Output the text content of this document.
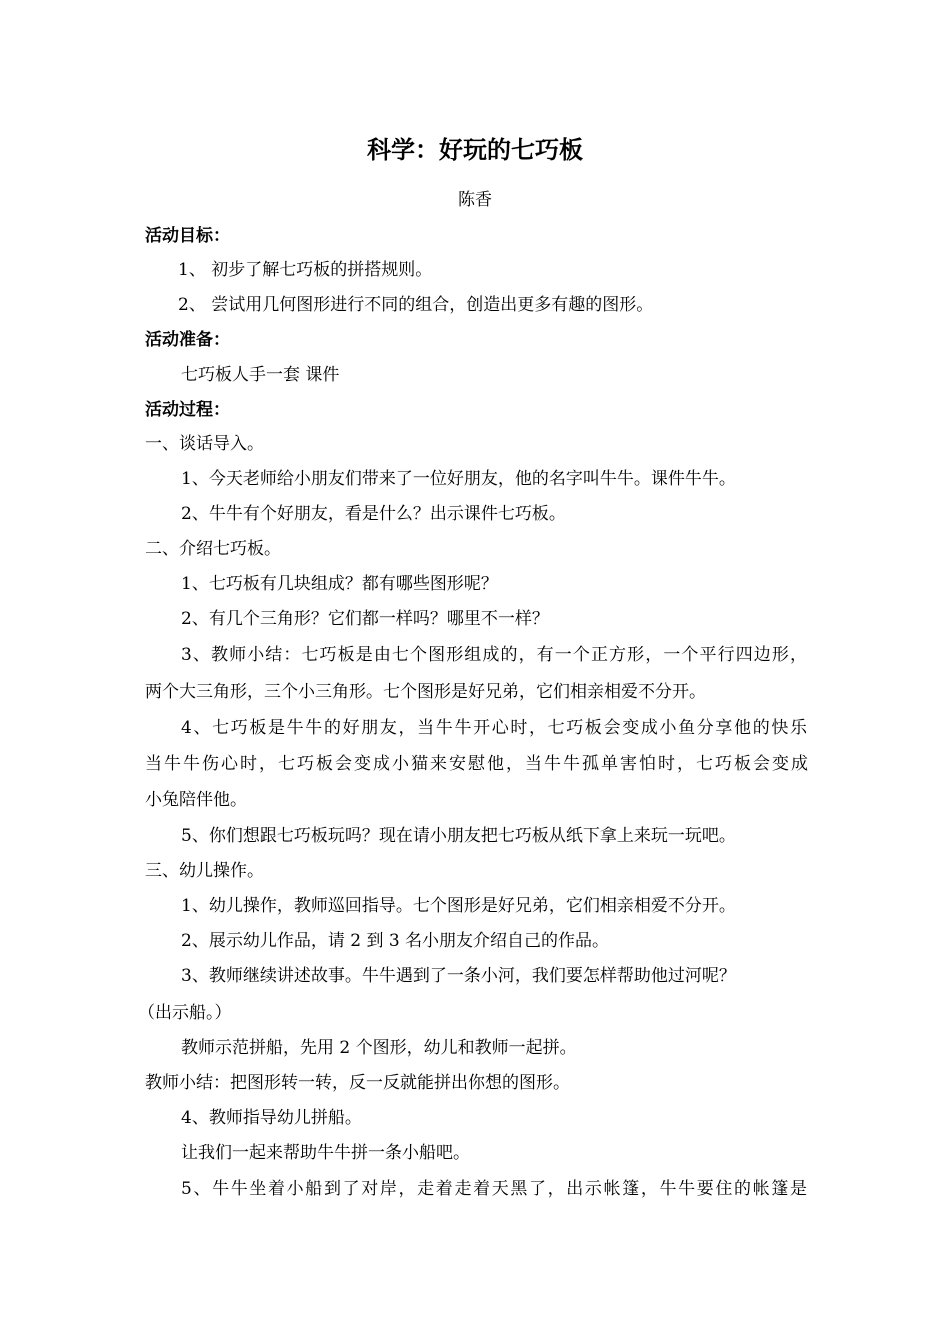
科学：好玩的七巧板
陈香
活动目标：
1、 初步了解七巧板的拼搭规则。
2、 尝试用几何图形进行不同的组合，创造出更多有趣的图形。
活动准备：
七巧板人手一套 课件
活动过程：
一、谈话导入。
1、今天老师给小朋友们带来了一位好朋友，他的名字叫牛牛。课件牛牛。
2、牛牛有个好朋友，看是什么？出示课件七巧板。
二、介绍七巧板。
1、七巧板有几块组成？都有哪些图形呢？
2、有几个三角形？它们都一样吗？哪里不一样？
3、教师小结：七巧板是由七个图形组成的，有一个正方形，一个平行四边形，
两个大三角形，三个小三角形。七个图形是好兄弟，它们相亲相爱不分开。
4、七巧板是牛牛的好朋友，当牛牛开心时，七巧板会变成小鱼分享他的快乐
当牛牛伤心时，七巧板会变成小猫来安慰他，当牛牛孤单害怕时，七巧板会变成
小兔陪伴他。
5、你们想跟七巧板玩吗？现在请小朋友把七巧板从纸下拿上来玩一玩吧。
三、幼儿操作。
1、幼儿操作，教师巡回指导。七个图形是好兄弟，它们相亲相爱不分开。
2、展示幼儿作品，请 2 到 3 名小朋友介绍自己的作品。
3、教师继续讲述故事。牛牛遇到了一条小河，我们要怎样帮助他过河呢？
（出示船。）
教师示范拼船，先用 2 个图形，幼儿和教师一起拼。
教师小结：把图形转一转，反一反就能拼出你想的图形。
4、教师指导幼儿拼船。
让我们一起来帮助牛牛拼一条小船吧。
5、牛牛坐着小船到了对岸，走着走着天黑了，出示帐篷，牛牛要住的帐篷是
